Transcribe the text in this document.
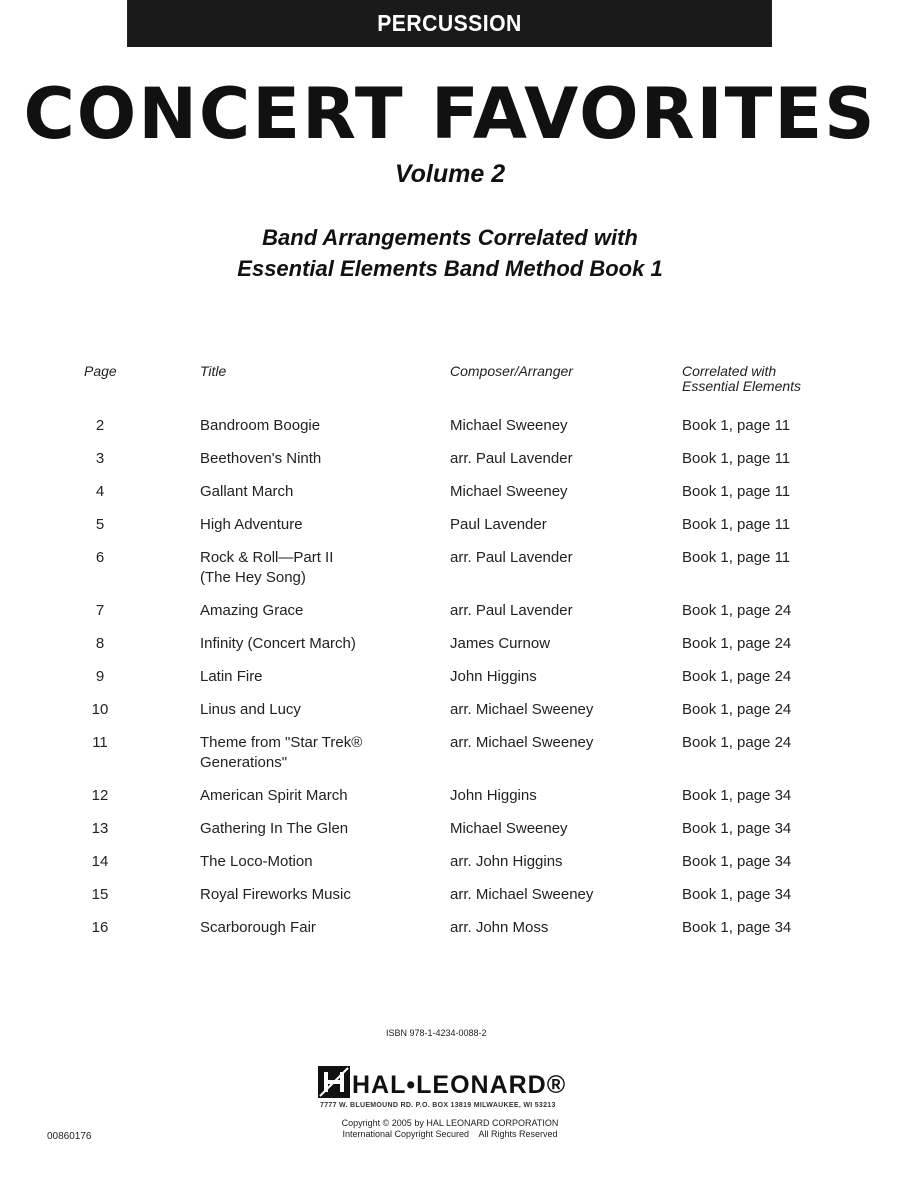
PERCUSSION
CONCERT FAVORITES
Volume 2
Band Arrangements Correlated with
Essential Elements Band Method Book 1
Page	Title	Composer/Arranger	Correlated with
Essential Elements
2	Bandroom Boogie	Michael Sweeney	Book 1, page 11
3	Beethoven's Ninth	arr. Paul Lavender	Book 1, page 11
4	Gallant March	Michael Sweeney	Book 1, page 11
5	High Adventure	Paul Lavender	Book 1, page 11
6	Rock & Roll—Part II	arr. Paul Lavender	Book 1, page 11
(The Hey Song)
7	Amazing Grace	arr. Paul Lavender	Book 1, page 24
8	Infinity (Concert March)	James Curnow	Book 1, page 24
9	Latin Fire	John Higgins	Book 1, page 24
10	Linus and Lucy	arr. Michael Sweeney	Book 1, page 24
11	Theme from "Star Trek®	arr. Michael Sweeney	Book 1, page 24
Generations"
12	American Spirit March	John Higgins	Book 1, page 34
13	Gathering In The Glen	Michael Sweeney	Book 1, page 34
14	The Loco-Motion	arr. John Higgins	Book 1, page 34
15	Royal Fireworks Music	arr. Michael Sweeney	Book 1, page 34
16	Scarborough Fair	arr. John Moss	Book 1, page 34
ISBN 978-1-4234-0088-2
HAL•LEONARD®
7777 W. BLUEMOUND RD. P.O. BOX 13819 MILWAUKEE, WI 53213
Copyright © 2005 by HAL LEONARD CORPORATION
International Copyright Secured    All Rights Reserved
00860176
